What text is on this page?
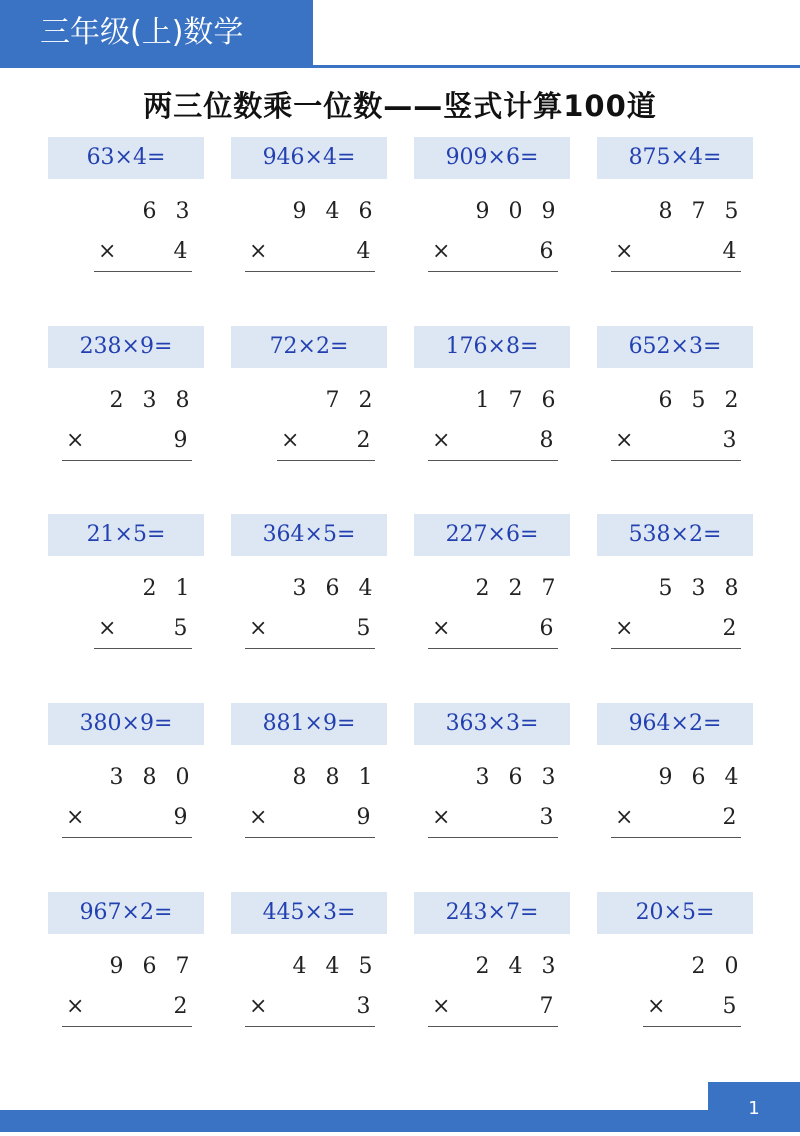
三年级(上)数学
两三位数乘一位数——竖式计算100道
63×4=
6 3
×	4
946×4=
9 4 6
×	4
909×6=
9 0 9
×	6
875×4=
8 7 5
×	4
238×9=
2 3 8
×	9
72×2=
7 2
×	2
176×8=
1 7 6
×	8
652×3=
6 5 2
×	3
21×5=
2 1
×	5
364×5=
3 6 4
×	5
227×6=
2 2 7
×	6
538×2=
5 3 8
×	2
380×9=
3 8 0
×	9
881×9=
8 8 1
×	9
363×3=
3 6 3
×	3
964×2=
9 6 4
×	2
967×2=
9 6 7
×	2
445×3=
4 4 5
×	3
243×7=
2 4 3
×	7
20×5=
2 0
×	5
1
